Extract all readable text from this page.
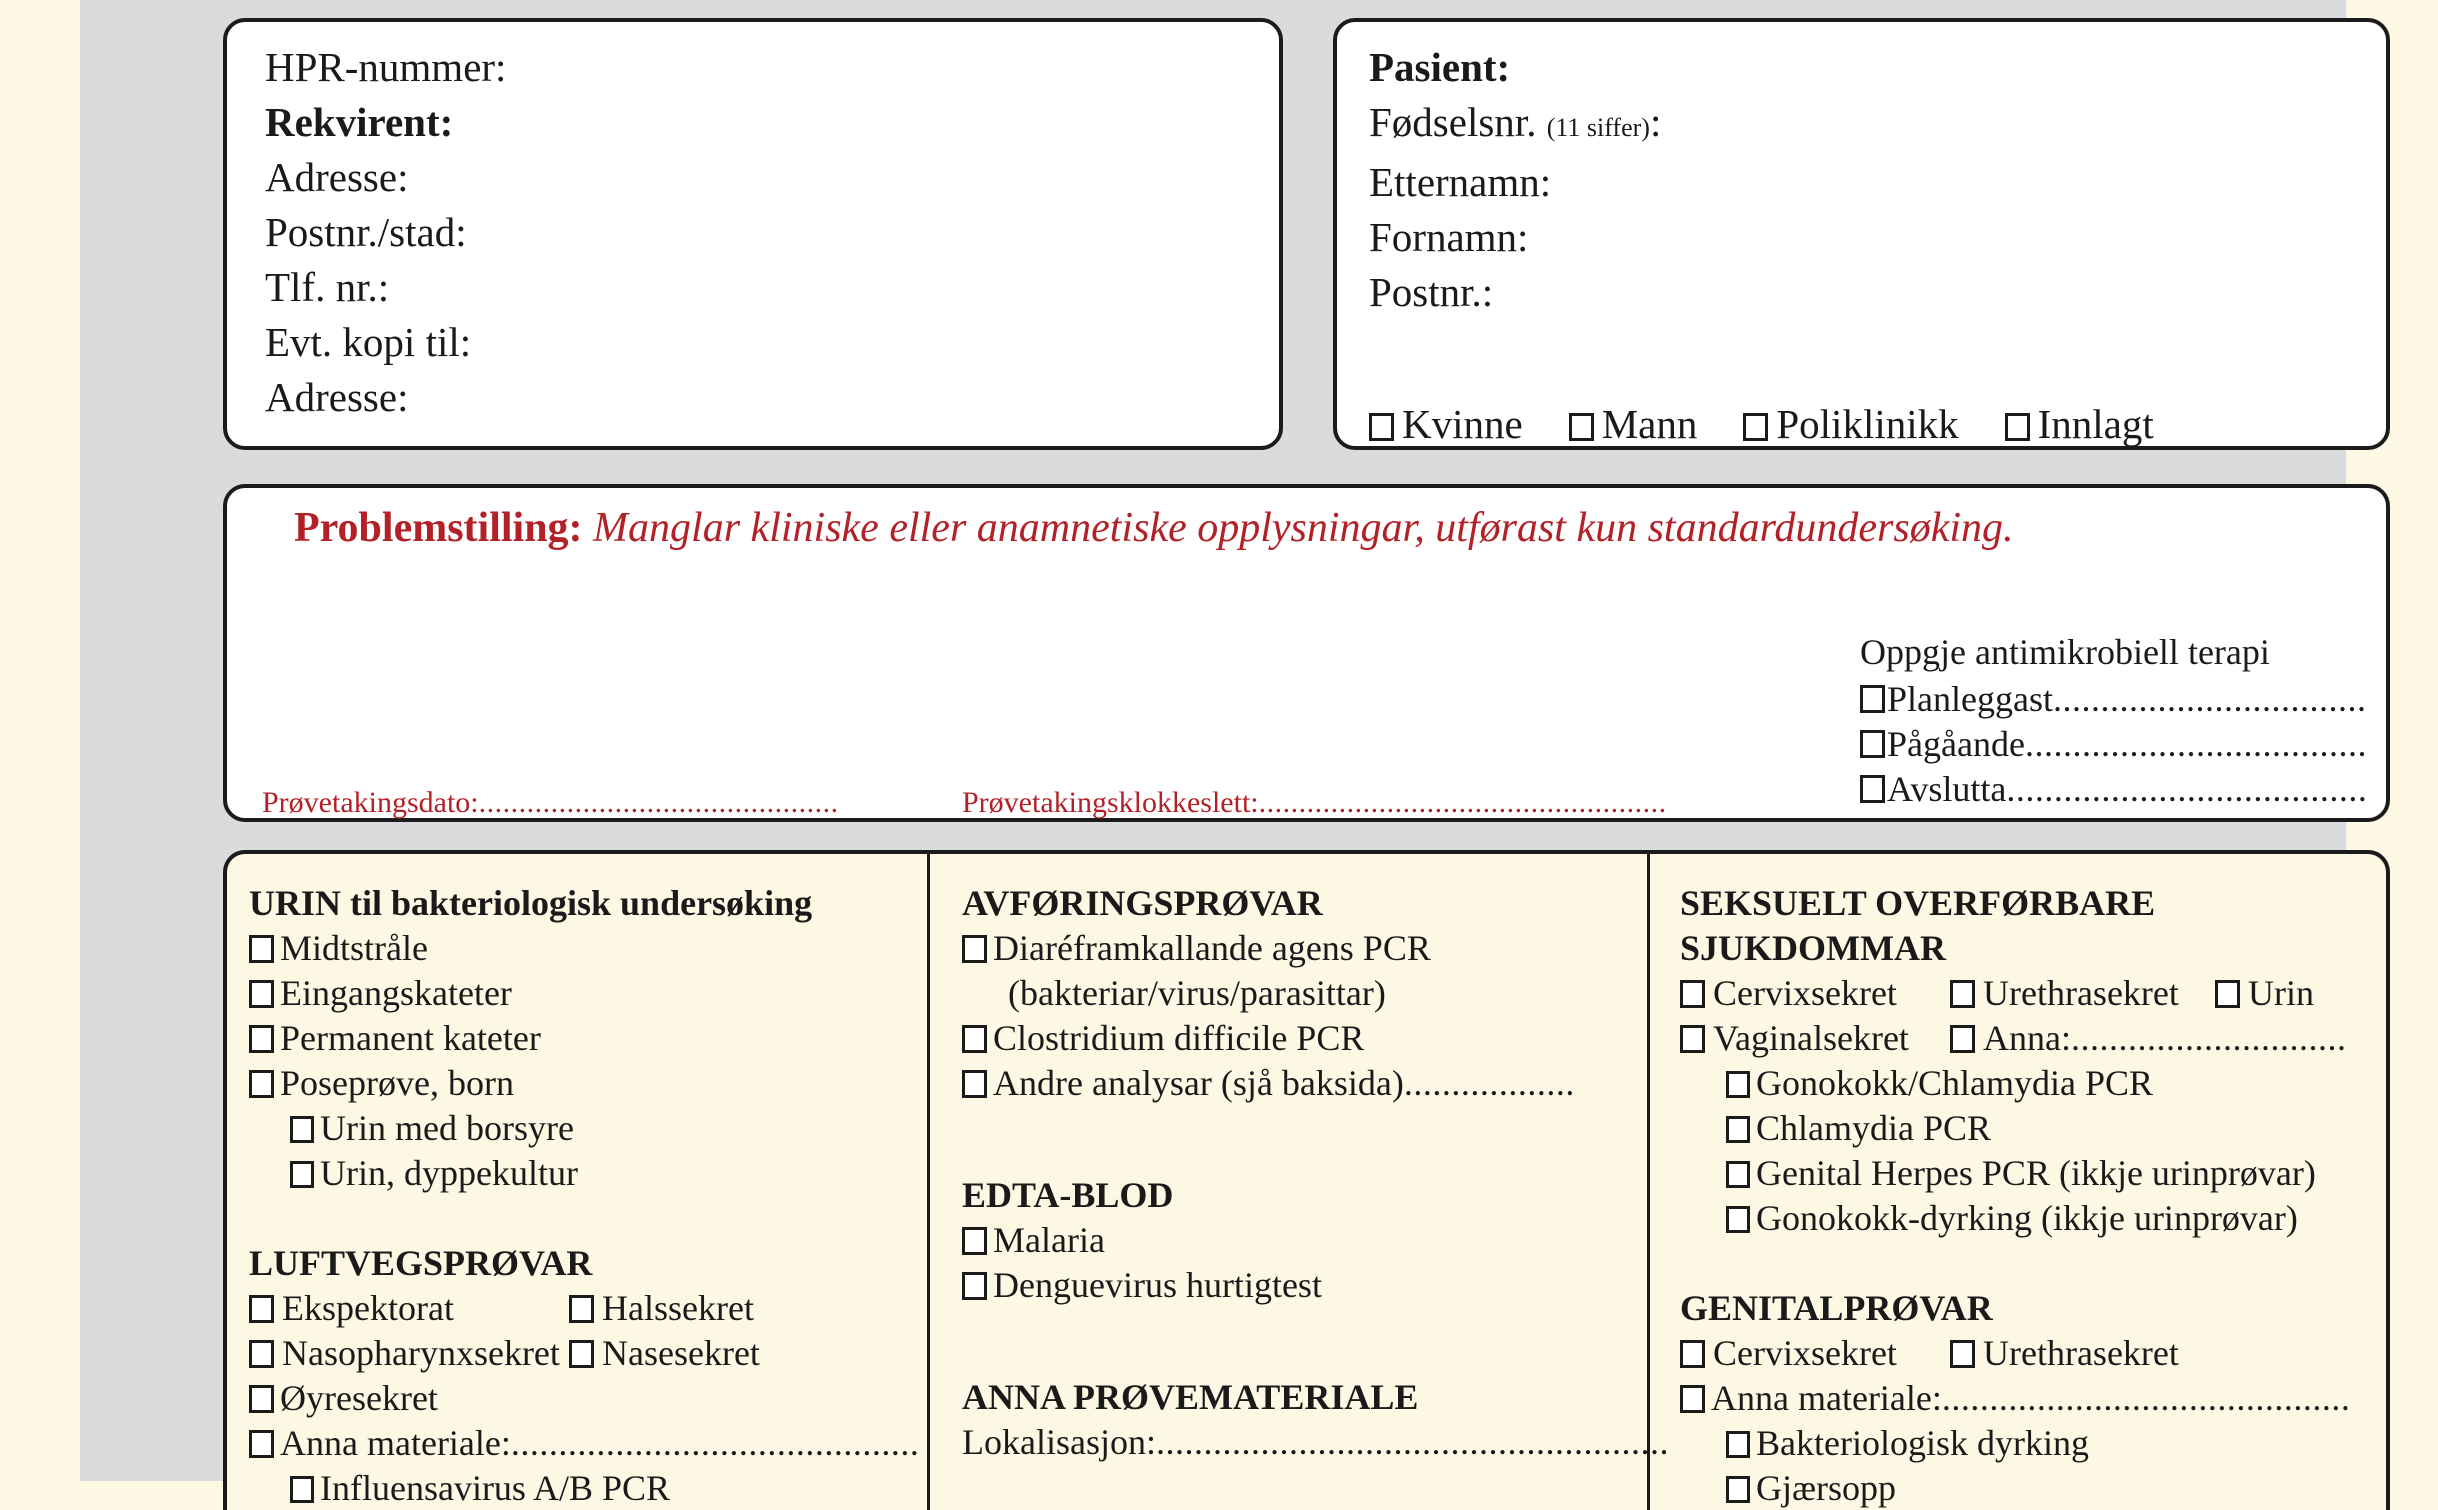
HPR-nummer:
Rekvirent:
Adresse:
Postnr./stad:
Tlf. nr.:
Evt. kopi til:
Adresse:
Pasient:
Fødselsnr. (11 siffer):
Etternamn:
Fornamn:
Postnr.:
Kvinne	Mann	Poliklinikk	Innlagt
Problemstilling: Manglar kliniske eller anamnetiske opplysningar, utførast kun standardundersøking.
Oppgje antimikrobiell terapi
Planleggast.................................
Pågåande....................................
Avslutta......................................
Prøvetakingsdato:.............................................	Prøvetakingsklokkeslett:...................................................
URIN til bakteriologisk undersøking
Midtstråle
Eingangskateter
Permanent kateter
Poseprøve, born
Urin med borsyre
Urin, dyppekultur
LUFTVEGSPRØVAR
Ekspektorat	Halssekret
Nasopharynxsekret	Nasesekret
Øyresekret
Anna materiale:...........................................
Influensavirus A/B PCR
AVFØRINGSPRØVAR
Diaréframkallande agens PCR
(bakteriar/virus/parasittar)
Clostridium difficile PCR
Andre analysar (sjå baksida)..................
EDTA-BLOD
Malaria
Denguevirus hurtigtest
ANNA PRØVEMATERIALE
Lokalisasjon:......................................................
SEKSUELT OVERFØRBARE
SJUKDOMMAR
Cervixsekret	Urethrasekret	Urin
Vaginalsekret	Anna:.............................
Gonokokk/Chlamydia PCR
Chlamydia PCR
Genital Herpes PCR (ikkje urinprøvar)
Gonokokk-dyrking (ikkje urinprøvar)
GENITALPRØVAR
Cervixsekret	Urethrasekret
Anna materiale:...........................................
Bakteriologisk dyrking
Gjærsopp
